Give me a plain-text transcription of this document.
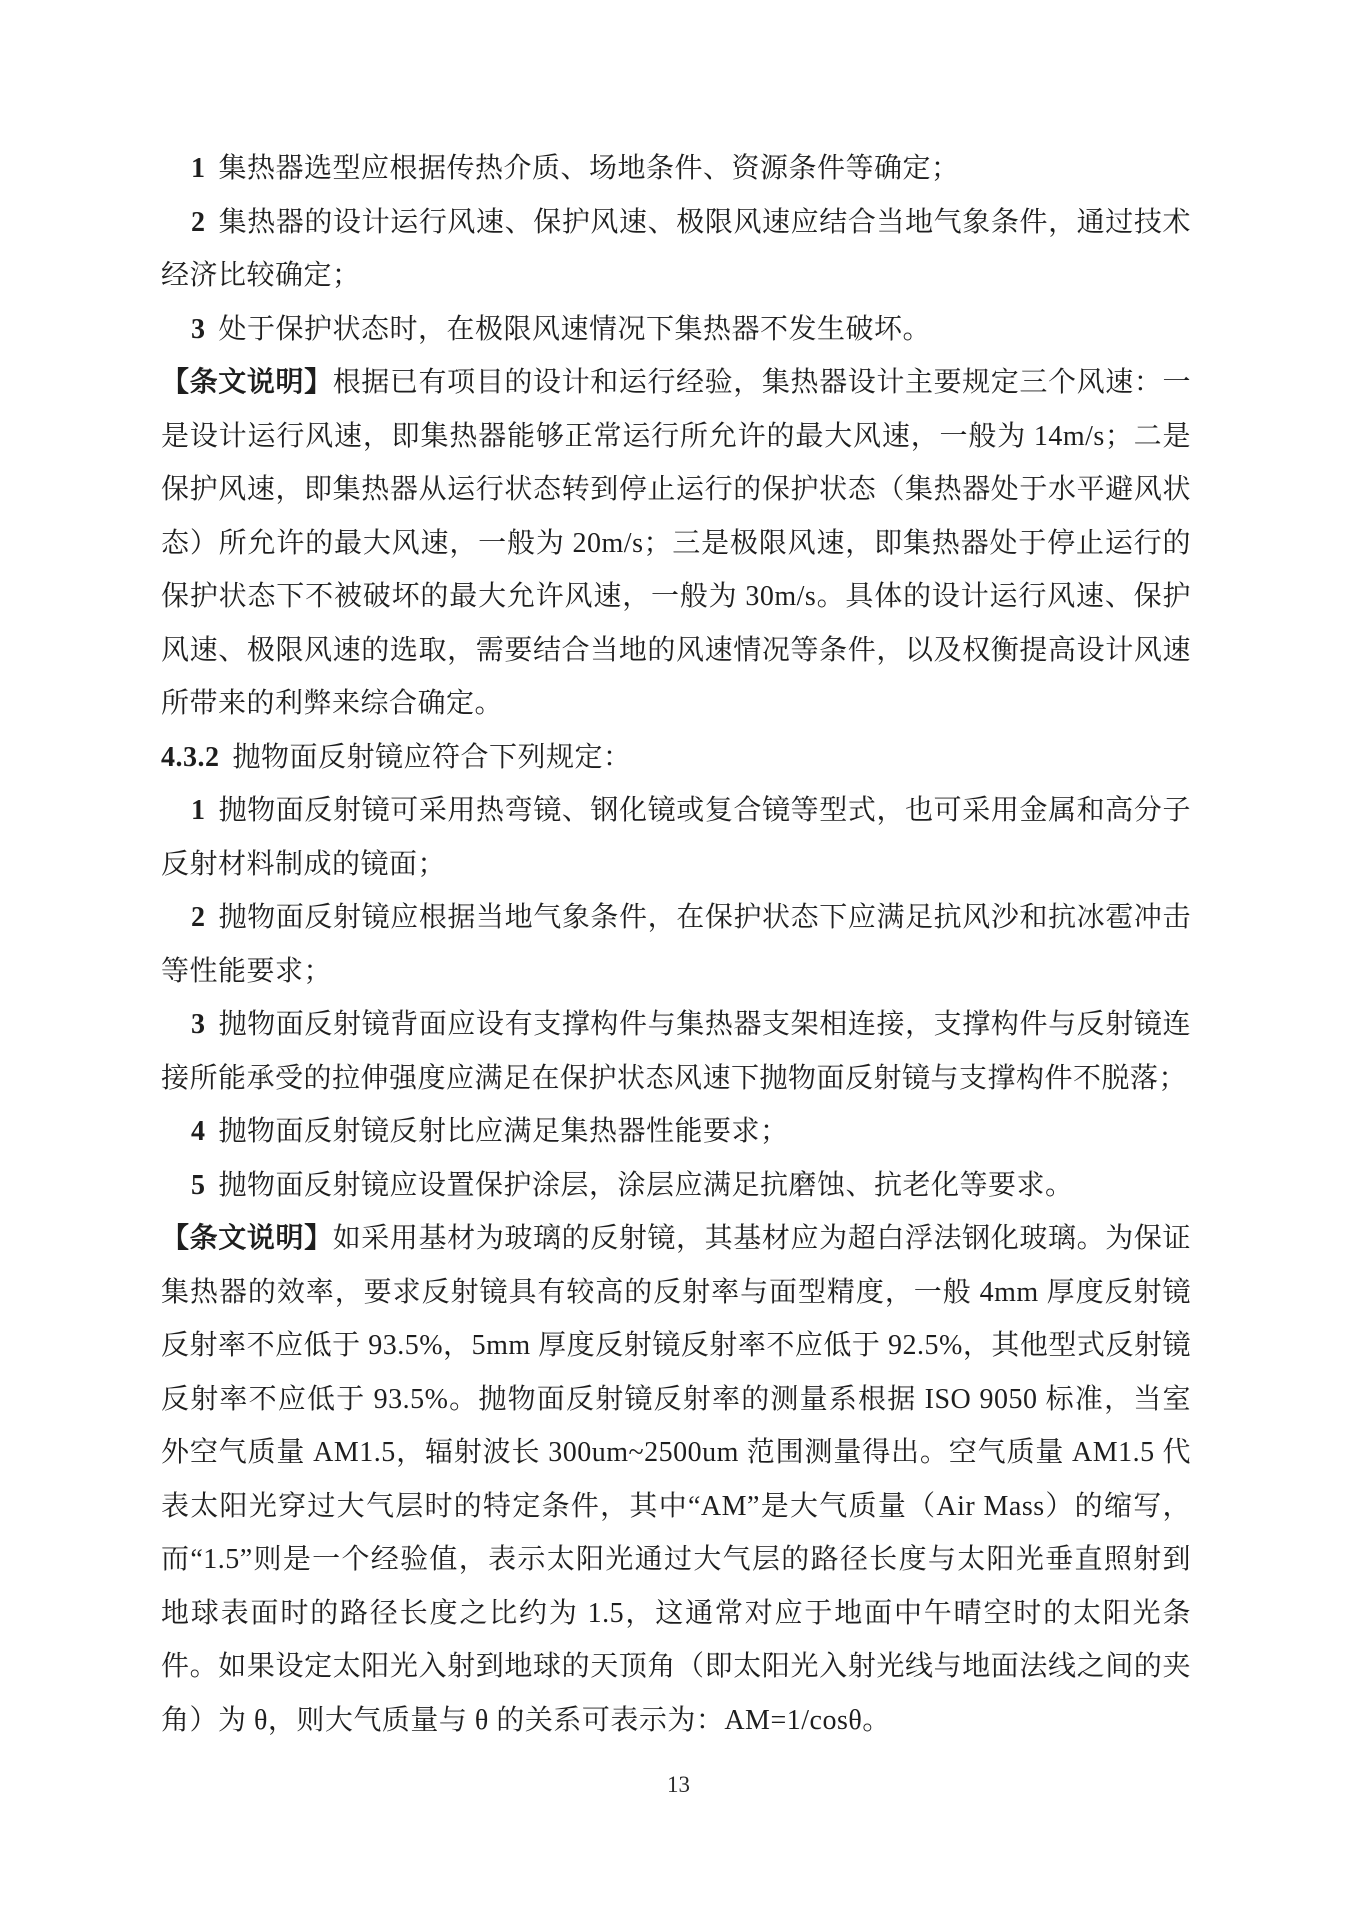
1 集热器选型应根据传热介质、场地条件、资源条件等确定；

2 集热器的设计运行风速、保护风速、极限风速应结合当地气象条件，通过技术经济比较确定；

3 处于保护状态时，在极限风速情况下集热器不发生破坏。

【条文说明】根据已有项目的设计和运行经验，集热器设计主要规定三个风速：一是设计运行风速，即集热器能够正常运行所允许的最大风速，一般为 14m/s；二是保护风速，即集热器从运行状态转到停止运行的保护状态（集热器处于水平避风状态）所允许的最大风速，一般为 20m/s；三是极限风速，即集热器处于停止运行的保护状态下不被破坏的最大允许风速，一般为 30m/s。具体的设计运行风速、保护风速、极限风速的选取，需要结合当地的风速情况等条件，以及权衡提高设计风速所带来的利弊来综合确定。

4.3.2 抛物面反射镜应符合下列规定：

1 抛物面反射镜可采用热弯镜、钢化镜或复合镜等型式，也可采用金属和高分子反射材料制成的镜面；

2 抛物面反射镜应根据当地气象条件，在保护状态下应满足抗风沙和抗冰雹冲击等性能要求；

3 抛物面反射镜背面应设有支撑构件与集热器支架相连接，支撑构件与反射镜连接所能承受的拉伸强度应满足在保护状态风速下抛物面反射镜与支撑构件不脱落；

4 抛物面反射镜反射比应满足集热器性能要求；

5 抛物面反射镜应设置保护涂层，涂层应满足抗磨蚀、抗老化等要求。

【条文说明】如采用基材为玻璃的反射镜，其基材应为超白浮法钢化玻璃。为保证集热器的效率，要求反射镜具有较高的反射率与面型精度，一般 4mm 厚度反射镜反射率不应低于 93.5%，5mm 厚度反射镜反射率不应低于 92.5%，其他型式反射镜反射率不应低于 93.5%。抛物面反射镜反射率的测量系根据 ISO 9050 标准，当室外空气质量 AM1.5，辐射波长 300um~2500um 范围测量得出。空气质量 AM1.5 代表太阳光穿过大气层时的特定条件，其中“AM”是大气质量（Air Mass）的缩写，而“1.5”则是一个经验值，表示太阳光通过大气层的路径长度与太阳光垂直照射到地球表面时的路径长度之比约为 1.5，这通常对应于地面中午晴空时的太阳光条件。如果设定太阳光入射到地球的天顶角（即太阳光入射光线与地面法线之间的夹角）为 θ，则大气质量与 θ 的关系可表示为：AM=1/cosθ。

13
